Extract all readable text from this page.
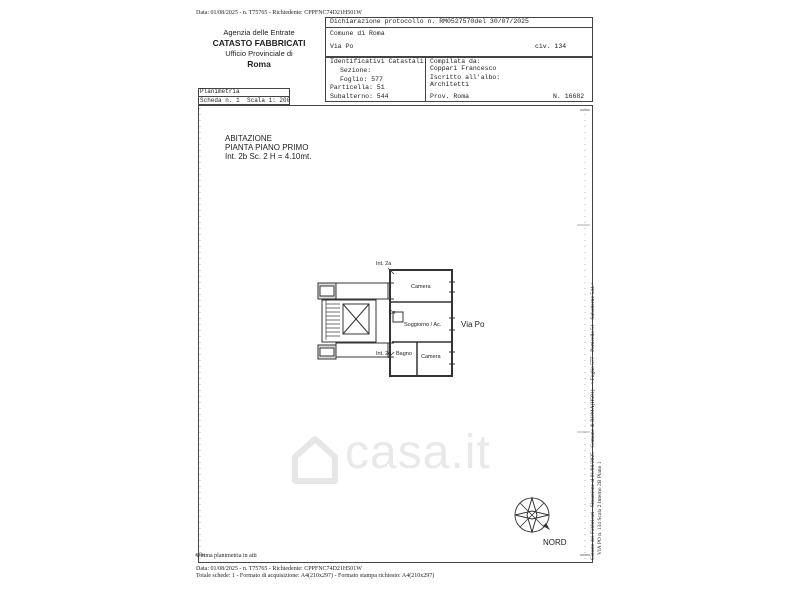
Data: 01/08/2025 - n. T75765 - Richiedente: CPPFNC74D21H501W
Agenzia delle Entrate
CATASTO FABBRICATI
Ufficio Provinciale di
Roma
Dichiarazione protocollo n. RM0527570del 30/07/2025
Comune di Roma
Via Po	civ. 134
Identificativi Catastali:
Sezione:
Foglio: 577
Particella: 51
Subalterno: 544
Compilata da:
Coppari Francesco
Iscritto all'albo:
Architetti
Prov. Roma	N. 16682
Planimetria
Scheda n. 1 Scala 1: 200
ABITAZIONE
PIANTA PIANO PRIMO
Int. 2b Sc. 2 H = 4.10mt.
Int. 2a
Camera
Soggiorno / Ac.
Ds
Int. 2c Bagno Camera
Via Po
casa.it
NORD	Catasto dei Fabbricati - Situazione al 01/08/2025 - Comune di ROMA(H501) - < Foglio 577 - Particella 51 - Subalterno 544 > VIA PO n. 134 Scala 2 Interno 2B Piano 1
Ultima planimetria in atti
Data: 01/08/2025 - n. T75765 - Richiedente: CPPFNC74D21H501W
Totale schede: 1 - Formato di acquisizione: A4(210x297) - Formato stampa richiesto: A4(210x297)
